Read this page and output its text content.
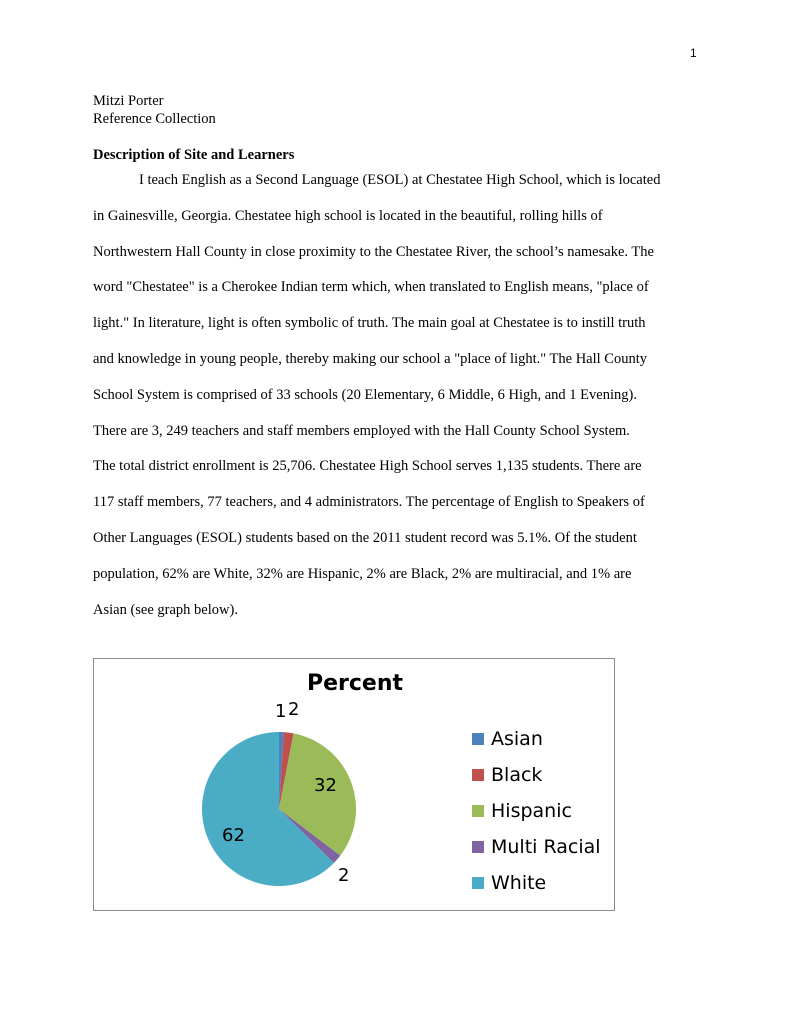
1
Mitzi Porter
Reference Collection
Description of Site and Learners
I teach English as a Second Language (ESOL) at Chestatee High School, which is located
in Gainesville, Georgia. Chestatee high school is located in the beautiful, rolling hills of
Northwestern Hall County in close proximity to the Chestatee River, the school’s namesake. The
word "Chestatee" is a Cherokee Indian term which, when translated to English means, "place of
light." In literature, light is often symbolic of truth. The main goal at Chestatee is to instill truth
and knowledge in young people, thereby making our school a "place of light." The Hall County
School System is comprised of 33 schools (20 Elementary, 6 Middle, 6 High, and 1 Evening).
There are 3, 249 teachers and staff members employed with the Hall County School System.
The total district enrollment is 25,706. Chestatee High School serves 1,135 students. There are
117 staff members, 77 teachers, and 4 administrators. The percentage of English to Speakers of
Other Languages (ESOL) students based on the 2011 student record was 5.1%. Of the student
population, 62% are White, 32% are Hispanic, 2% are Black, 2% are multiracial, and 1% are
Asian (see graph below).
Percent
1 2
32
2
62
Asian
Black
Hispanic
Multi Racial
White
